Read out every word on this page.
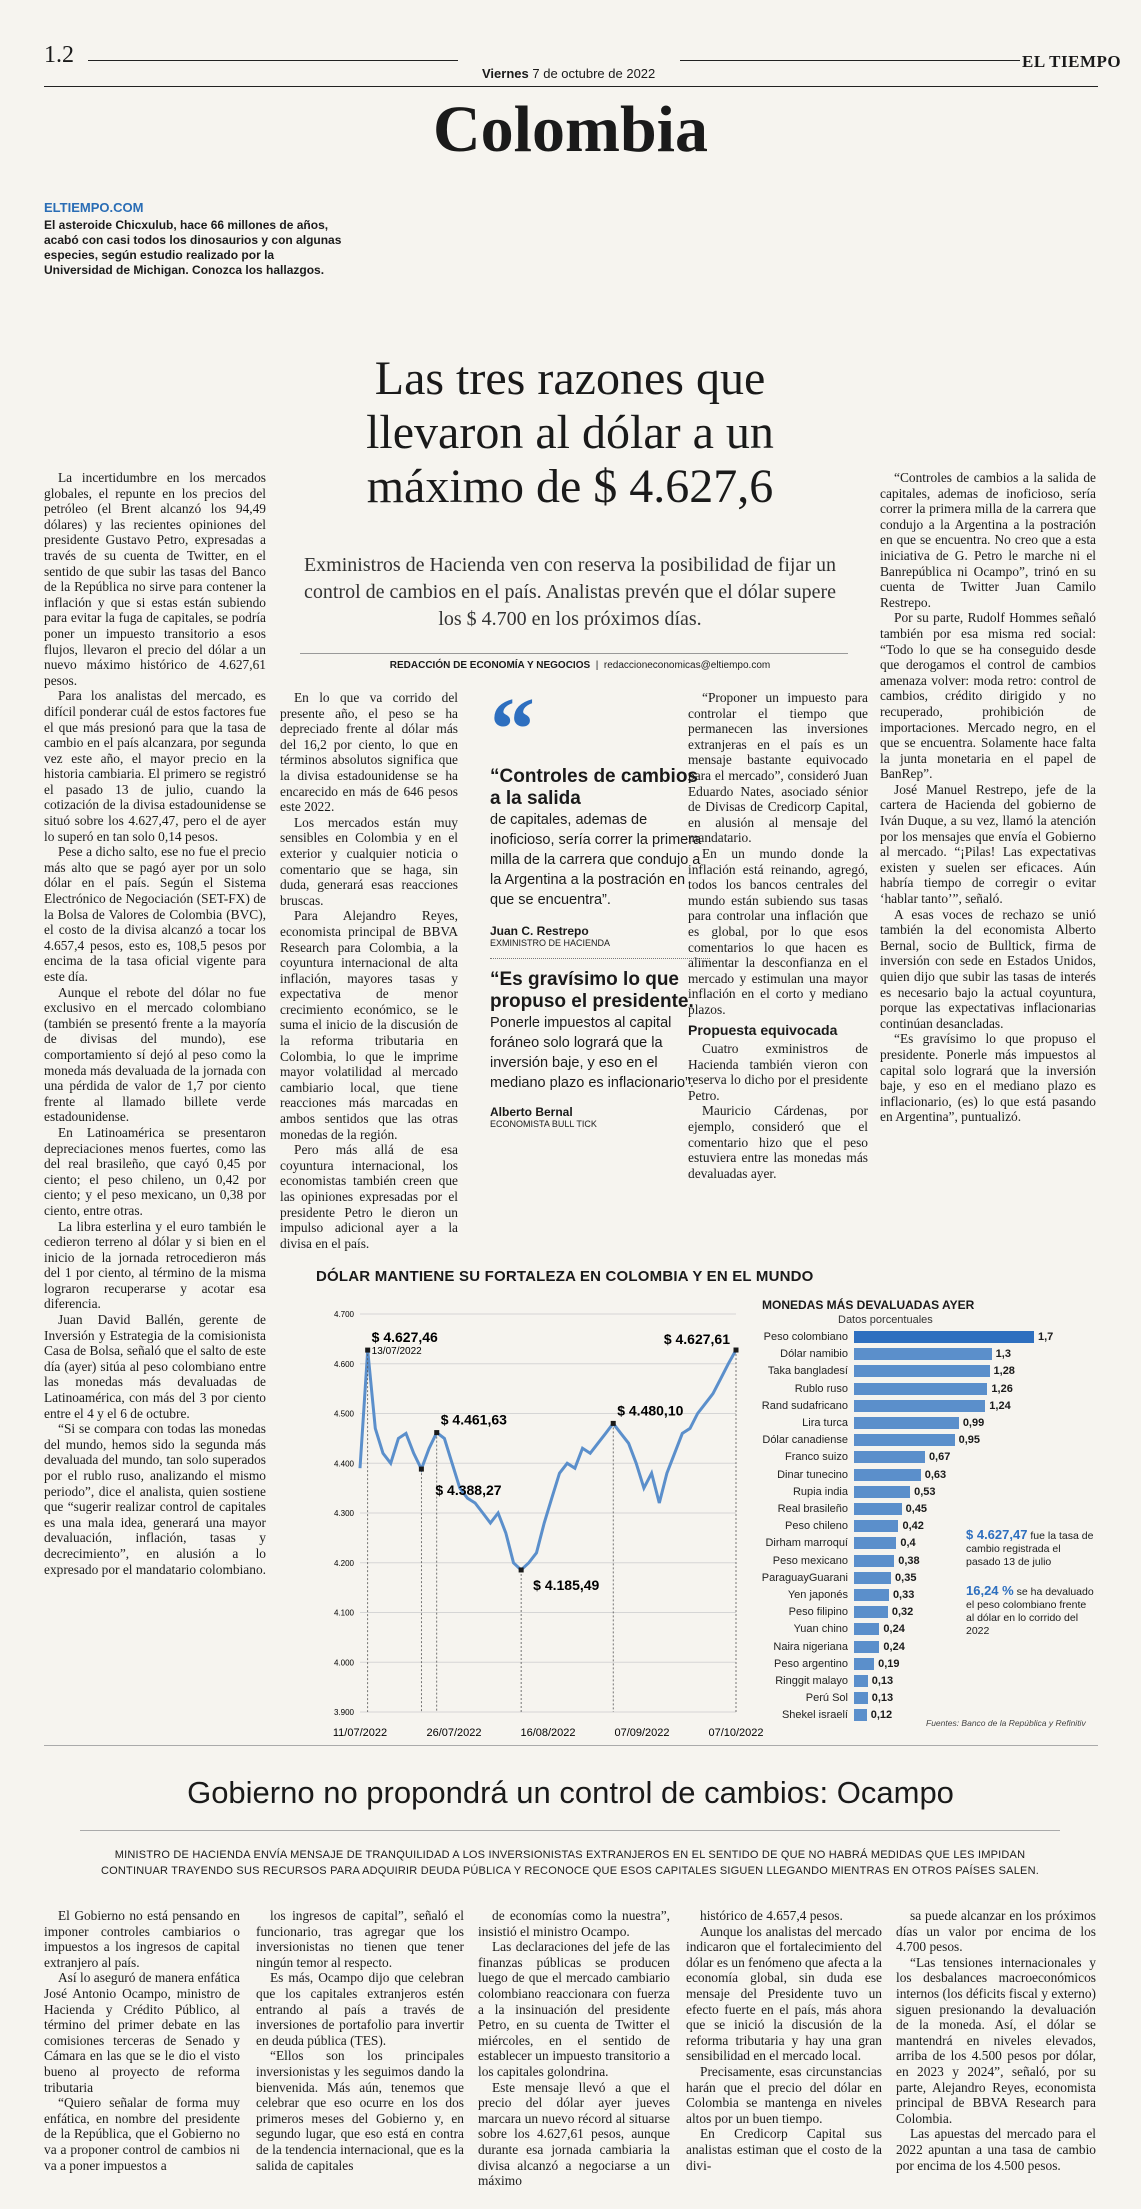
1.2
Viernes 7 de octubre de 2022
EL TIEMPO
Colombia
ELTIEMPO.COM
El asteroide Chicxulub, hace 66 millones de años, acabó con casi todos los dinosaurios y con algunas especies, según estudio realizado por la Universidad de Michigan. Conozca los hallazgos.
Las tres razones que llevaron al dólar a un máximo de $ 4.627,6
Exministros de Hacienda ven con reserva la posibilidad de fijar un control de cambios en el país. Analistas prevén que el dólar supere los $ 4.700 en los próximos días.
REDACCIÓN DE ECONOMÍA Y NEGOCIOS  |  redaccioneconomicas@eltiempo.com

La incertidumbre en los mercados globales, el repunte en los precios del petróleo (el Brent alcanzó los 94,49 dólares) y las recientes opiniones del presidente Gustavo Petro, expresadas a través de su cuenta de Twitter, en el sentido de que subir las tasas del Banco de la República no sirve para contener la inflación y que si estas están subiendo para evitar la fuga de capitales, se podría poner un impuesto transitorio a esos flujos, llevaron el precio del dólar a un nuevo máximo histórico de 4.627,61 pesos.

Para los analistas del mercado, es difícil ponderar cuál de estos factores fue el que más presionó para que la tasa de cambio en el país alcanzara, por segunda vez este año, el mayor precio en la historia cambiaria. El primero se registró el pasado 13 de julio, cuando la cotización de la divisa estadounidense se situó sobre los 4.627,47, pero el de ayer lo superó en tan solo 0,14 pesos.

Pese a dicho salto, ese no fue el precio más alto que se pagó ayer por un solo dólar en el país. Según el Sistema Electrónico de Negociación (SET-FX) de la Bolsa de Valores de Colombia (BVC), el costo de la divisa alcanzó a tocar los 4.657,4 pesos, esto es, 108,5 pesos por encima de la tasa oficial vigente para este día.

Aunque el rebote del dólar no fue exclusivo en el mercado colombiano (también se presentó frente a la mayoría de divisas del mundo), ese comportamiento sí dejó al peso como la moneda más devaluada de la jornada con una pérdida de valor de 1,7 por ciento frente al llamado billete verde estadounidense.

En Latinoamérica se presentaron depreciaciones menos fuertes, como las del real brasileño, que cayó 0,45 por ciento; el peso chileno, un 0,42 por ciento; y el peso mexicano, un 0,38 por ciento, entre otras.

La libra esterlina y el euro también le cedieron terreno al dólar y si bien en el inicio de la jornada retrocedieron más del 1 por ciento, al término de la misma lograron recuperarse y acotar esa diferencia.

Juan David Ballén, gerente de Inversión y Estrategia de la comisionista Casa de Bolsa, señaló que el salto de este día (ayer) sitúa al peso colombiano entre las monedas más devaluadas de Latinoamérica, con más del 3 por ciento entre el 4 y el 6 de octubre.

“Si se compara con todas las monedas del mundo, hemos sido la segunda más devaluada del mundo, tan solo superados por el rublo ruso, analizando el mismo periodo”, dice el analista, quien sostiene que “sugerir realizar control de capitales es una mala idea, generará una mayor devaluación, inflación, tasas y decrecimiento”, en alusión a lo expresado por el mandatario colombiano.

En lo que va corrido del presente año, el peso se ha depreciado frente al dólar más del 16,2 por ciento, lo que en términos absolutos significa que la divisa estadounidense se ha encarecido en más de 646 pesos este 2022.

Los mercados están muy sensibles en Colombia y en el exterior y cualquier noticia o comentario que se haga, sin duda, generará esas reacciones bruscas.

Para Alejandro Reyes, economista principal de BBVA Research para Colombia, a la coyuntura internacional de alta inflación, mayores tasas y expectativa de menor crecimiento económico, se le suma el inicio de la discusión de la reforma tributaria en Colombia, lo que le imprime mayor volatilidad al mercado cambiario local, que tiene reacciones más marcadas en ambos sentidos que las otras monedas de la región.

Pero más allá de esa coyuntura internacional, los economistas también creen que las opiniones expresadas por el presidente Petro le dieron un impulso adicional ayer a la divisa en el país.

“
“Controles de cambios a la salida
de capitales, ademas de inoficioso, sería correr la primera milla de la carrera que condujo a la Argentina a la postración en que se encuentra”.
Juan C. Restrepo
EXMINISTRO DE HACIENDA
“Es gravísimo lo que propuso el presidente.
Ponerle impuestos al capital foráneo solo logrará que la inversión baje, y eso en el mediano plazo es inflacionario”.
Alberto Bernal
ECONOMISTA BULL TICK

“Proponer un impuesto para controlar el tiempo que permanecen las inversiones extranjeras en el país es un mensaje bastante equivocado para el mercado”, consideró Juan Eduardo Nates, asociado sénior de Divisas de Credicorp Capital, en alusión al mensaje del mandatario.

En un mundo donde la inflación está reinando, agregó, todos los bancos centrales del mundo están subiendo sus tasas para controlar una inflación que es global, por lo que esos comentarios lo que hacen es alimentar la desconfianza en el mercado y estimulan una mayor inflación en el corto y mediano plazos.

Propuesta equivocada

Cuatro exministros de Hacienda también vieron con reserva lo dicho por el presidente Petro.

Mauricio Cárdenas, por ejemplo, consideró que el comentario hizo que el peso estuviera entre las monedas más devaluadas ayer.

“Controles de cambios a la salida de capitales, ademas de inoficioso, sería correr la primera milla de la carrera que condujo a la Argentina a la postración en que se encuentra. No creo que a esta iniciativa de G. Petro le marche ni el Banrepública ni Ocampo”, trinó en su cuenta de Twitter Juan Camilo Restrepo.

Por su parte, Rudolf Hommes señaló también por esa misma red social: “Todo lo que se ha conseguido desde que derogamos el control de cambios amenaza volver: moda retro: control de cambios, crédito dirigido y no recuperado, prohibición de importaciones. Mercado negro, en el que se encuentra. Solamente hace falta la junta monetaria en el papel de BanRep”.

José Manuel Restrepo, jefe de la cartera de Hacienda del gobierno de Iván Duque, a su vez, llamó la atención por los mensajes que envía el Gobierno al mercado. “¡Pilas! Las expectativas existen y suelen ser eficaces. Aún habría tiempo de corregir o evitar ‘hablar tanto’”, señaló.

A esas voces de rechazo se unió también la del economista Alberto Bernal, socio de Bulltick, firma de inversión con sede en Estados Unidos, quien dijo que subir las tasas de interés es necesario bajo la actual coyuntura, porque las expectativas inflacionarias continúan desancladas.

“Es gravísimo lo que propuso el presidente. Ponerle más impuestos al capital solo logrará que la inversión baje, y eso en el mediano plazo es inflacionario, (es) lo que está pasando en Argentina”, puntualizó.

DÓLAR MANTIENE SU FORTALEZA EN COLOMBIA Y EN EL MUNDO
3.900
4.000
4.100
4.200
4.300
4.400
4.500
4.600
4.700
11/07/2022	26/07/2022	16/08/2022	07/09/2022	07/10/2022
$ 4.627,46
13/07/2022
$ 4.461,63
$ 4.388,27
$ 4.185,49
$ 4.480,10
$ 4.627,61
MONEDAS MÁS DEVALUADAS AYER
Datos porcentuales
Peso colombiano	1,7
Dólar namibio	1,3
Taka bangladesí	1,28
Rublo ruso	1,26
Rand sudafricano	1,24
Lira turca	0,99
Dólar canadiense	0,95
Franco suizo	0,67
Dinar tunecino	0,63
Rupia india	0,53
Real brasileño	0,45
Peso chileno	0,42
Dirham marroquí	0,4
Peso mexicano	0,38
ParaguayGuarani	0,35
Yen japonés	0,33
Peso filipino	0,32
Yuan chino	0,24
Naira nigeriana	0,24
Peso argentino	0,19
Ringgit malayo 0,13
Perú Sol 0,13
Shekel israelí 0,12
$ 4.627,47 fue la tasa de cambio registrada el pasado 13 de julio
16,24 % se ha devaluado el peso colombiano frente al dólar en lo corrido del 2022
Fuentes: Banco de la República y Refinitiv
Gobierno no propondrá un control de cambios: Ocampo
MINISTRO DE HACIENDA ENVÍA MENSAJE DE TRANQUILIDAD A LOS INVERSIONISTAS EXTRANJEROS EN EL SENTIDO DE QUE NO HABRÁ MEDIDAS QUE LES IMPIDAN CONTINUAR TRAYENDO SUS RECURSOS PARA ADQUIRIR DEUDA PÚBLICA Y RECONOCE QUE ESOS CAPITALES SIGUEN LLEGANDO MIENTRAS EN OTROS PAÍSES SALEN.

El Gobierno no está pensando en imponer controles cambiarios o impuestos a los ingresos de capital extranjero al país.

Así lo aseguró de manera enfática José Antonio Ocampo, ministro de Hacienda y Crédito Público, al término del primer debate en las comisiones terceras de Senado y Cámara en las que se le dio el visto bueno al proyecto de reforma tributaria

“Quiero señalar de forma muy enfática, en nombre del presidente de la República, que el Gobierno no va a proponer control de cambios ni va a poner impuestos a

los ingresos de capital”, señaló el funcionario, tras agregar que los inversionistas no tienen que tener ningún temor al respecto.

Es más, Ocampo dijo que celebran que los capitales extranjeros estén entrando al país a través de inversiones de portafolio para invertir en deuda pública (TES).

“Ellos son los principales inversionistas y les seguimos dando la bienvenida. Más aún, tenemos que celebrar que eso ocurre en los dos primeros meses del Gobierno y, en segundo lugar, que eso está en contra de la tendencia internacional, que es la salida de capitales

de economías como la nuestra”, insistió el ministro Ocampo.

Las declaraciones del jefe de las finanzas públicas se producen luego de que el mercado cambiario colombiano reaccionara con fuerza a la insinuación del presidente Petro, en su cuenta de Twitter el miércoles, en el sentido de establecer un impuesto transitorio a los capitales golondrina.

Este mensaje llevó a que el precio del dólar ayer jueves marcara un nuevo récord al situarse sobre los 4.627,61 pesos, aunque durante esa jornada cambiaria la divisa alcanzó a negociarse a un máximo

histórico de 4.657,4 pesos.

Aunque los analistas del mercado indicaron que el fortalecimiento del dólar es un fenómeno que afecta a la economía global, sin duda ese mensaje del Presidente tuvo un efecto fuerte en el país, más ahora que se inició la discusión de la reforma tributaria y hay una gran sensibilidad en el mercado local.

Precisamente, esas circunstancias harán que el precio del dólar en Colombia se mantenga en niveles altos por un buen tiempo.

En Credicorp Capital sus analistas estiman que el costo de la divi-

sa puede alcanzar en los próximos días un valor por encima de los 4.700 pesos.

“Las tensiones internacionales y los desbalances macroeconómicos internos (los déficits fiscal y externo) siguen presionando la devaluación de la moneda. Así, el dólar se mantendrá en niveles elevados, arriba de los 4.500 pesos por dólar, en 2023 y 2024”, señaló, por su parte, Alejandro Reyes, economista principal de BBVA Research para Colombia.

Las apuestas del mercado para el 2022 apuntan a una tasa de cambio por encima de los 4.500 pesos.
